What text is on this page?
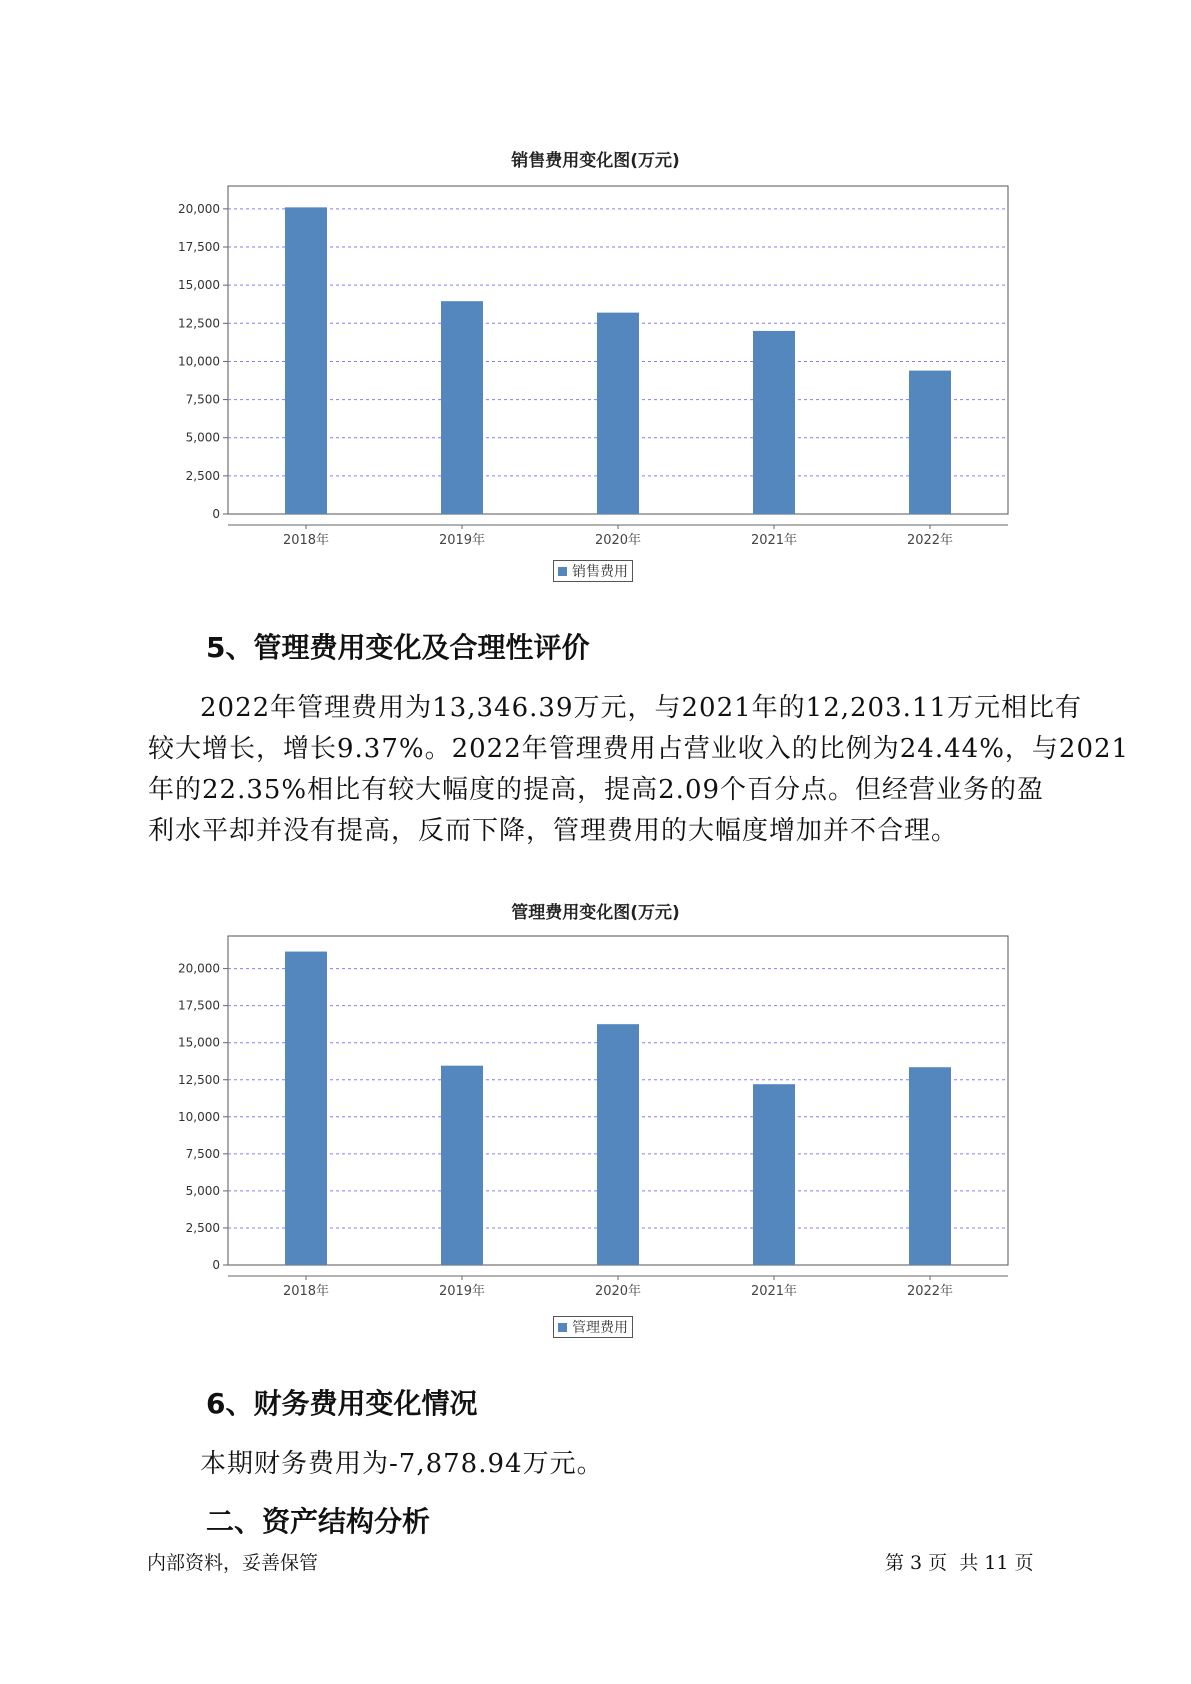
销售费用变化图(万元)
0
2,500
5,000
7,500
10,000
12,500
15,000
17,500
20,000
2018年	2019年	2020年	2021年	2022年
销售费用
5、管理费用变化及合理性评价
2022年管理费用为13,346.39万元，与2021年的12,203.11万元相比有
较大增长，增长9.37%。2022年管理费用占营业收入的比例为24.44%，与2021
年的22.35%相比有较大幅度的提高，提高2.09个百分点。但经营业务的盈
利水平却并没有提高，反而下降，管理费用的大幅度增加并不合理。
管理费用变化图(万元)
0
2,500
5,000
7,500
10,000
12,500
15,000
17,500
20,000
2018年	2019年	2020年	2021年	2022年
管理费用
6、财务费用变化情况
本期财务费用为-7,878.94万元。
二、资产结构分析
内部资料，妥善保管	第 3 页  共 11 页
